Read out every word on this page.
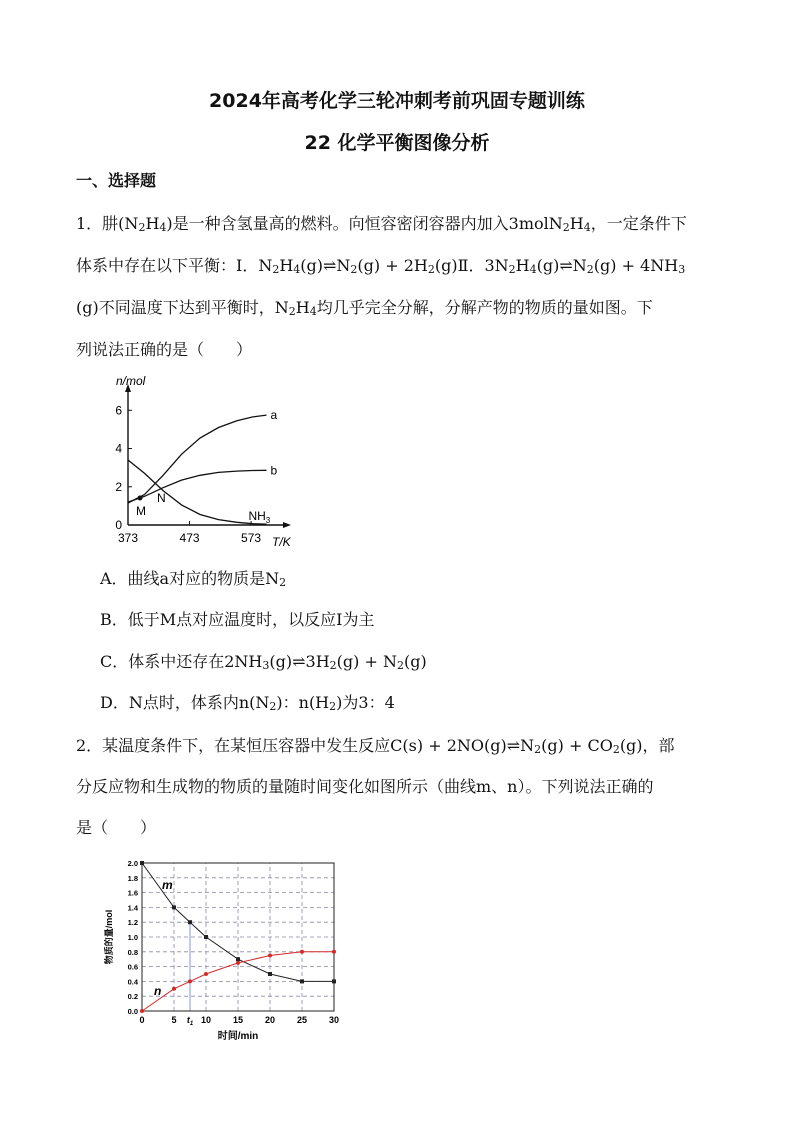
2024年高考化学三轮冲刺考前巩固专题训练
22 化学平衡图像分析
一、选择题
1．肼$(N_2H_4)$是一种含氢量高的燃料。向恒容密闭容器内加入$3molN_2H_4$，一定条件下
体系中存在以下平衡：I．$N_2H_4(g)\rightleftharpoons N_2(g)$ + $2H_2(g)Ⅱ$．$3N_2H_4(g)\rightleftharpoons N_2(g) + 4NH_3$
(g)不同温度下达到平衡时，$N_2H_4$均几乎完全分解，分解产物的物质的量如图。下
列说法正确的是（　　）
n/mol
T/K
373	473	573
0
2
4
6	a
b
$NH_3$
M
N
A．曲线a对应的物质是$N_2$
B．低于M点对应温度时，以反应Ⅰ为主
C．体系中还存在$2NH_3(g)\rightleftharpoons 3H_2(g) + N_2(g)$
D．N点时，体系内$n(N_2)$：$n(H_2)$为3：4
2．某温度条件下，在某恒压容器中发生反应$C(s) + 2NO(g)\rightleftharpoons N_2(g) + CO_2(g)$，部
分反应物和生成物的物质的量随时间变化如图所示（曲线m、n）。下列说法正确的
是（　　）
0	5 $t_1$ 10 15 20 25 30
0.0
0.2
0.4
0.6
0.8
1.0
1.2
1.4
1.6
1.8
2.0
物质的量/mol
时间/min
m
n
